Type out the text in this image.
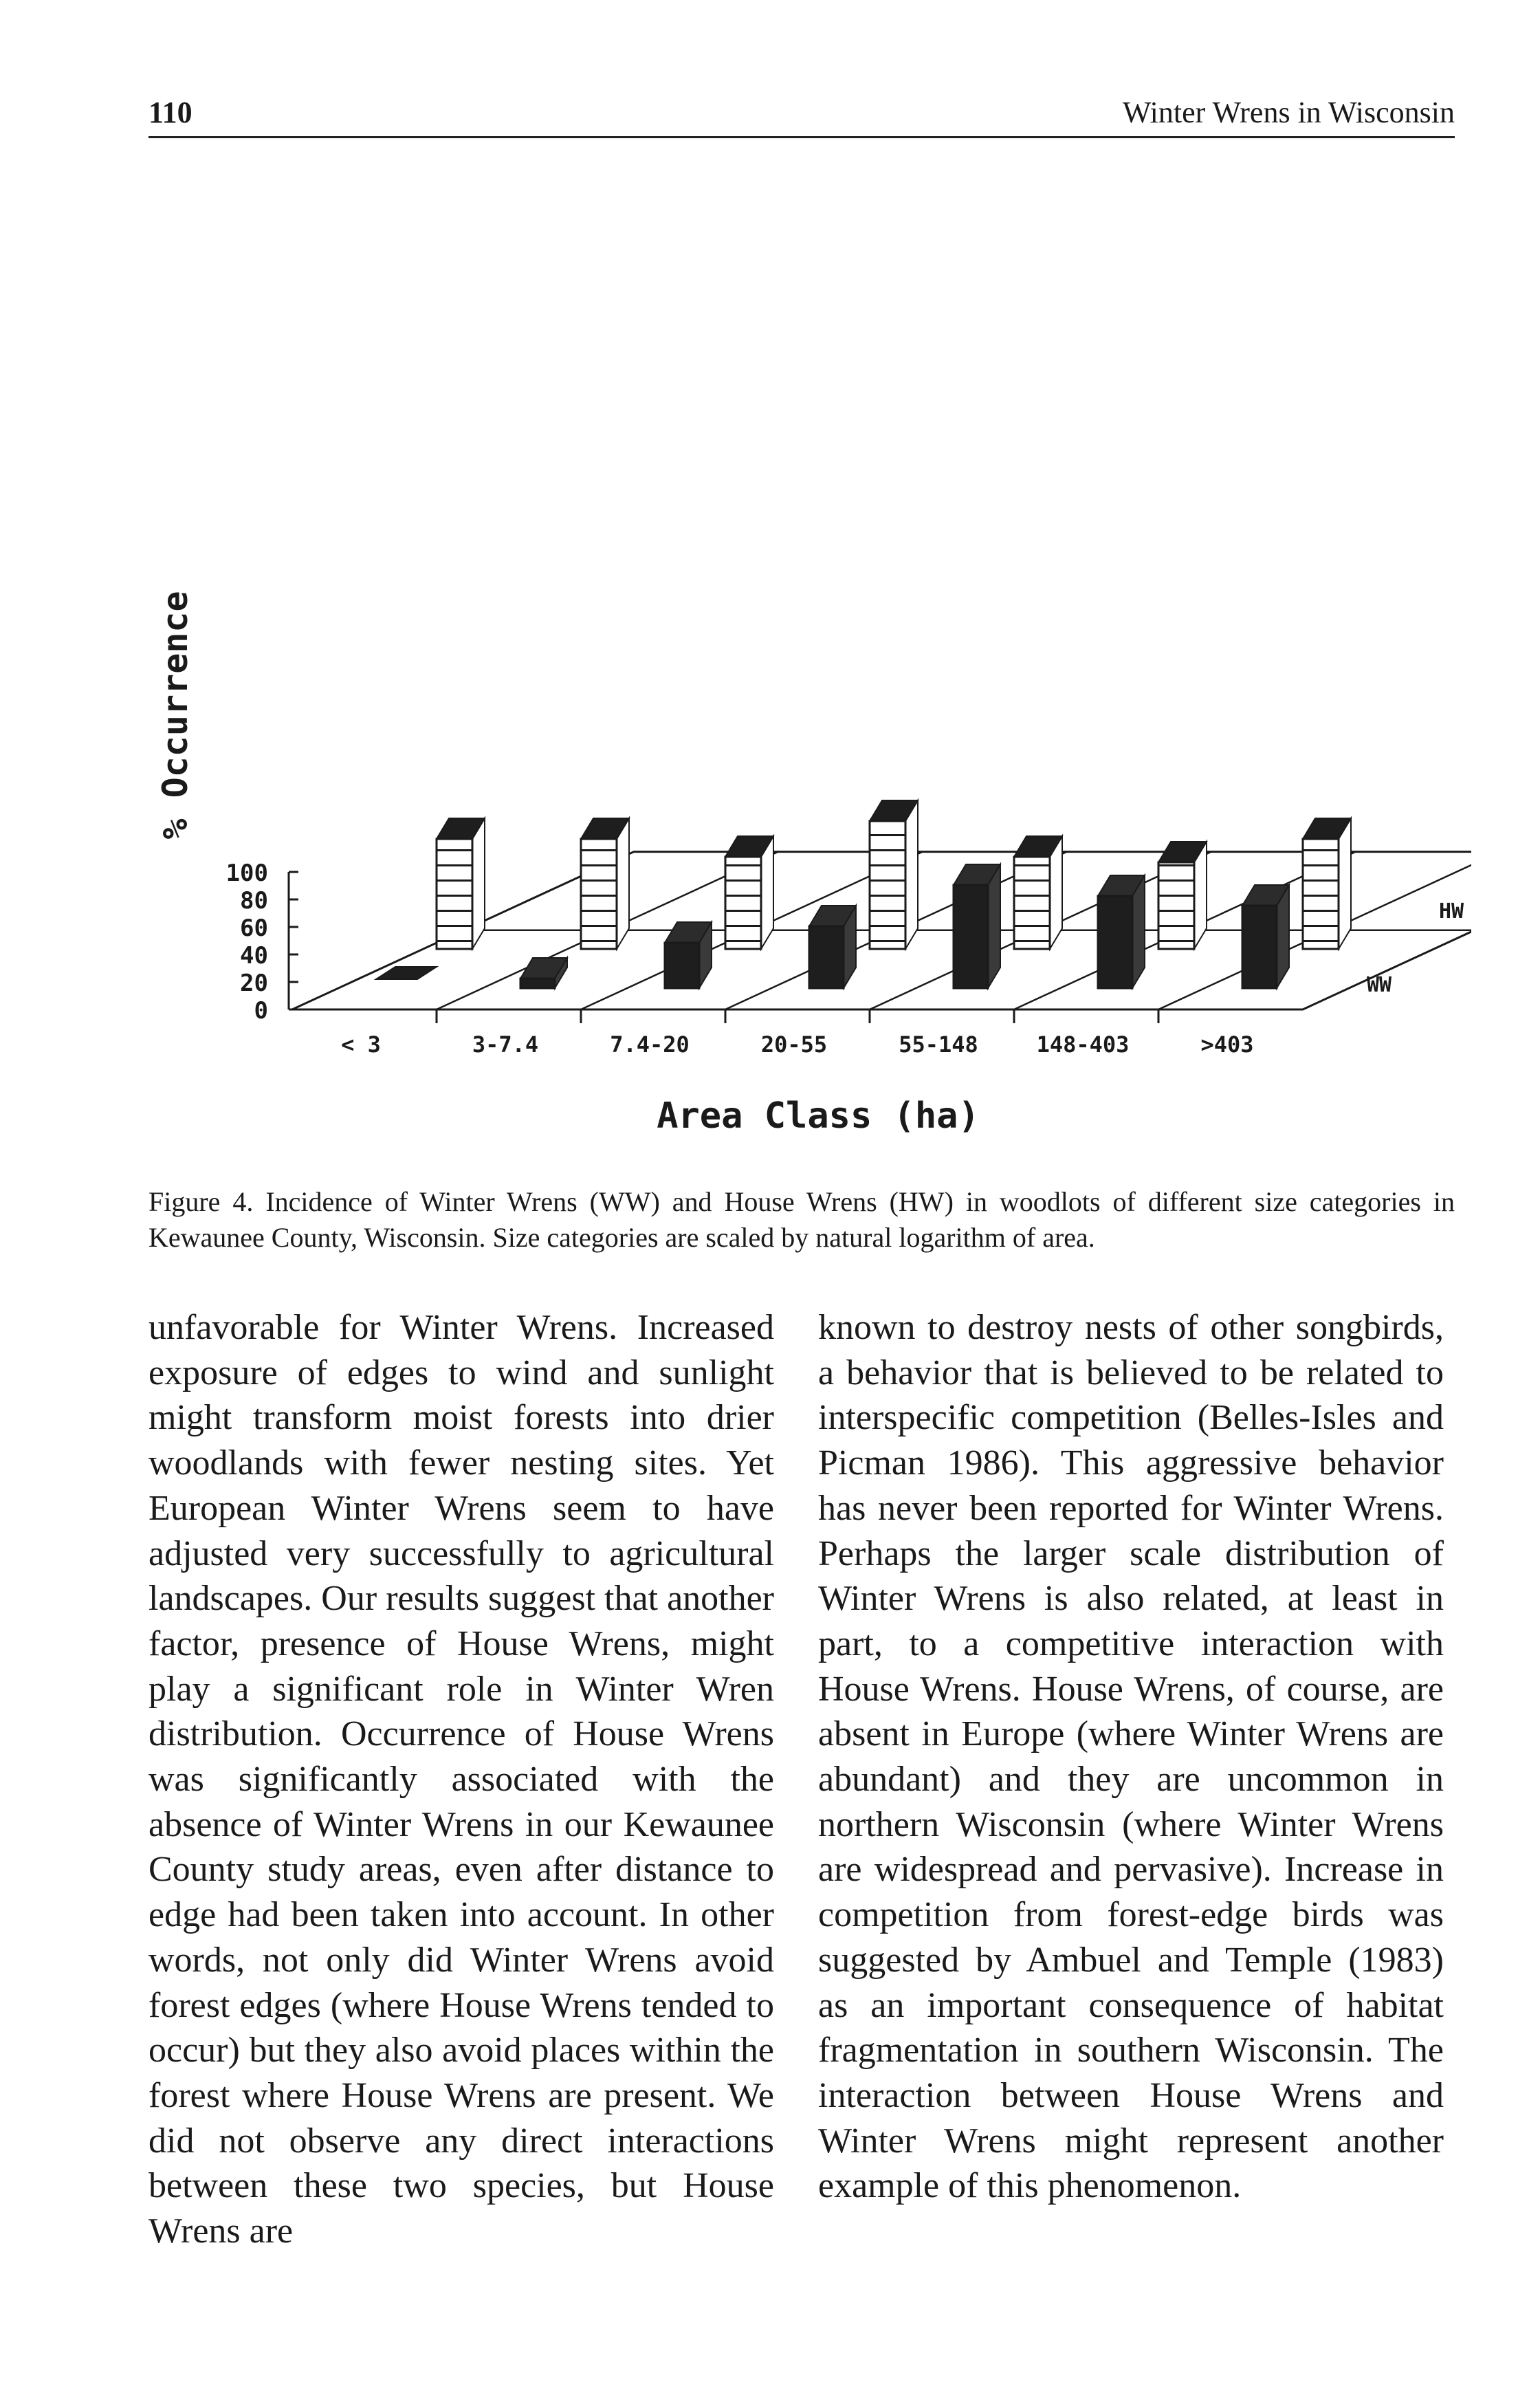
110	Winter Wrens in Wisconsin
% Occurrence
0
20
40
60
80
100
< 3	3-7.4	7.4-20	20-55	55-148	148-403	>403
HW
WW
Area Class (ha)
Figure 4. Incidence of Winter Wrens (WW) and House Wrens (HW) in woodlots of different size categories in Kewaunee County, Wisconsin. Size categories are scaled by natural logarithm of area.

unfavorable for Winter Wrens. Increased exposure of edges to wind and sunlight might transform moist forests into drier woodlands with fewer nesting sites. Yet European Winter Wrens seem to have adjusted very successfully to agricultural landscapes. Our results suggest that another factor, presence of House Wrens, might play a significant role in Winter Wren distribution. Occurrence of House Wrens was significantly associated with the absence of Winter Wrens in our Kewaunee County study areas, even after distance to edge had been taken into account. In other words, not only did Winter Wrens avoid forest edges (where House Wrens tended to occur) but they also avoid places within the forest where House Wrens are present. We did not observe any direct interactions between these two species, but House Wrens are

known to destroy nests of other songbirds, a behavior that is believed to be related to interspecific competition (Belles-Isles and Picman 1986). This aggressive behavior has never been reported for Winter Wrens. Perhaps the larger scale distribution of Winter Wrens is also related, at least in part, to a competitive interaction with House Wrens. House Wrens, of course, are absent in Europe (where Winter Wrens are abundant) and they are uncommon in northern Wisconsin (where Winter Wrens are widespread and pervasive). Increase in competition from forest-edge birds was suggested by Ambuel and Temple (1983) as an important consequence of habitat fragmentation in southern Wisconsin. The interaction between House Wrens and Winter Wrens might represent another example of this phenomenon.
